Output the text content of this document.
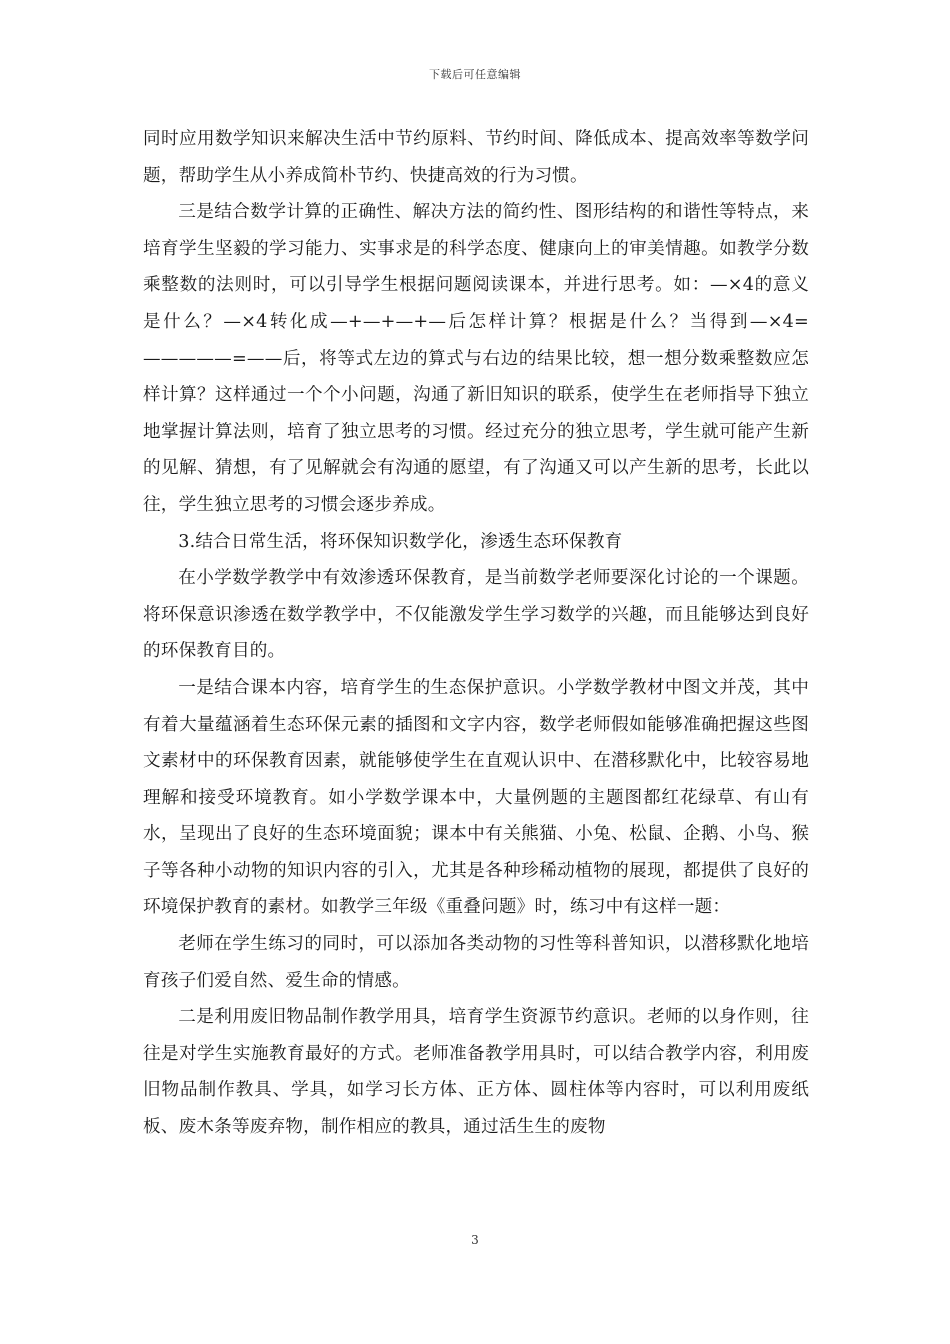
下载后可任意编辑

同时应用数学知识来解决生活中节约原料、节约时间、降低成本、提高效率等数学问题，帮助学生从小养成简朴节约、快捷高效的行为习惯。

三是结合数学计算的正确性、解决方法的简约性、图形结构的和谐性等特点，来培育学生坚毅的学习能力、实事求是的科学态度、健康向上的审美情趣。如教学分数乘整数的法则时，可以引导学生根据问题阅读课本，并进行思考。如：—×4的意义是什么？—×4转化成—+—+—+—后怎样计算？根据是什么？当得到—×4=—————=——后，将等式左边的算式与右边的结果比较，想一想分数乘整数应怎样计算？这样通过一个个小问题，沟通了新旧知识的联系，使学生在老师指导下独立地掌握计算法则，培育了独立思考的习惯。经过充分的独立思考，学生就可能产生新的见解、猜想，有了见解就会有沟通的愿望，有了沟通又可以产生新的思考，长此以往，学生独立思考的习惯会逐步养成。

3.结合日常生活，将环保知识数学化，渗透生态环保教育

在小学数学教学中有效渗透环保教育，是当前数学老师要深化讨论的一个课题。将环保意识渗透在数学教学中，不仅能激发学生学习数学的兴趣，而且能够达到良好的环保教育目的。

一是结合课本内容，培育学生的生态保护意识。小学数学教材中图文并茂，其中有着大量蕴涵着生态环保元素的插图和文字内容，数学老师假如能够准确把握这些图文素材中的环保教育因素，就能够使学生在直观认识中、在潜移默化中，比较容易地理解和接受环境教育。如小学数学课本中，大量例题的主题图都红花绿草、有山有水，呈现出了良好的生态环境面貌；课本中有关熊猫、小兔、松鼠、企鹅、小鸟、猴子等各种小动物的知识内容的引入，尤其是各种珍稀动植物的展现，都提供了良好的环境保护教育的素材。如教学三年级《重叠问题》时，练习中有这样一题：

老师在学生练习的同时，可以添加各类动物的习性等科普知识，以潜移默化地培育孩子们爱自然、爱生命的情感。

二是利用废旧物品制作教学用具，培育学生资源节约意识。老师的以身作则，往往是对学生实施教育最好的方式。老师准备教学用具时，可以结合教学内容，利用废旧物品制作教具、学具，如学习长方体、正方体、圆柱体等内容时，可以利用废纸板、废木条等废弃物，制作相应的教具，通过活生生的废物

3
